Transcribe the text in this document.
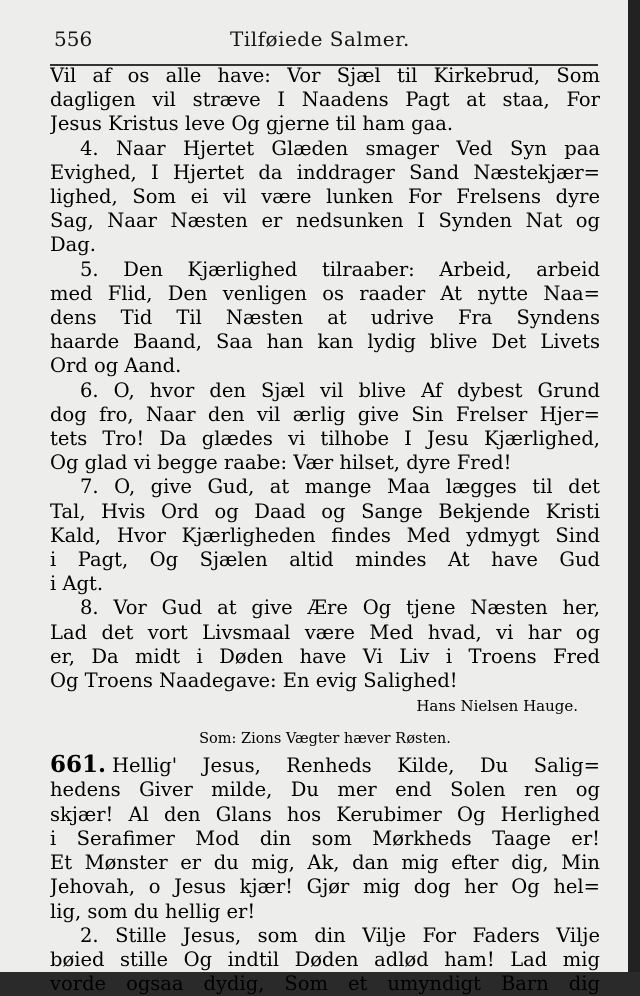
556	Tilføiede Salmer.
Vil af os alle have: Vor Sjæl til Kirkebrud, Som
dagligen vil stræve I Naadens Pagt at staa, For
Jesus Kristus leve Og gjerne til ham gaa.
4. Naar Hjertet Glæden smager Ved Syn paa
Evighed, I Hjertet da inddrager Sand Næstekjær=
lighed, Som ei vil være lunken For Frelsens dyre
Sag, Naar Næsten er nedsunken I Synden Nat og
Dag.
5. Den Kjærlighed tilraaber: Arbeid, arbeid
med Flid, Den venligen os raader At nytte Naa=
dens Tid Til Næsten at udrive Fra Syndens
haarde Baand, Saa han kan lydig blive Det Livets
Ord og Aand.
6. O, hvor den Sjæl vil blive Af dybest Grund
dog fro, Naar den vil ærlig give Sin Frelser Hjer=
tets Tro! Da glædes vi tilhobe I Jesu Kjærlighed,
Og glad vi begge raabe: Vær hilset, dyre Fred!
7. O, give Gud, at mange Maa lægges til det
Tal, Hvis Ord og Daad og Sange Bekjende Kristi
Kald, Hvor Kjærligheden findes Med ydmygt Sind
i Pagt, Og Sjælen altid mindes At have Gud
i Agt.
8. Vor Gud at give Ære Og tjene Næsten her,
Lad det vort Livsmaal være Med hvad, vi har og
er, Da midt i Døden have Vi Liv i Troens Fred
Og Troens Naadegave: En evig Salighed!
Hans Nielsen Hauge.
Som: Zions Vægter hæver Røsten.
661. Hellig' Jesus, Renheds Kilde, Du Salig=
hedens Giver milde, Du mer end Solen ren og
skjær! Al den Glans hos Kerubimer Og Herlighed
i Serafimer Mod din som Mørkheds Taage er!
Et Mønster er du mig, Ak, dan mig efter dig, Min
Jehovah, o Jesus kjær! Gjør mig dog her Og hel=
lig, som du hellig er!
2. Stille Jesus, som din Vilje For Faders Vilje
bøied stille Og indtil Døden adlød ham! Lad mig
vorde ogsaa dydig, Som et umyndigt Barn dig
